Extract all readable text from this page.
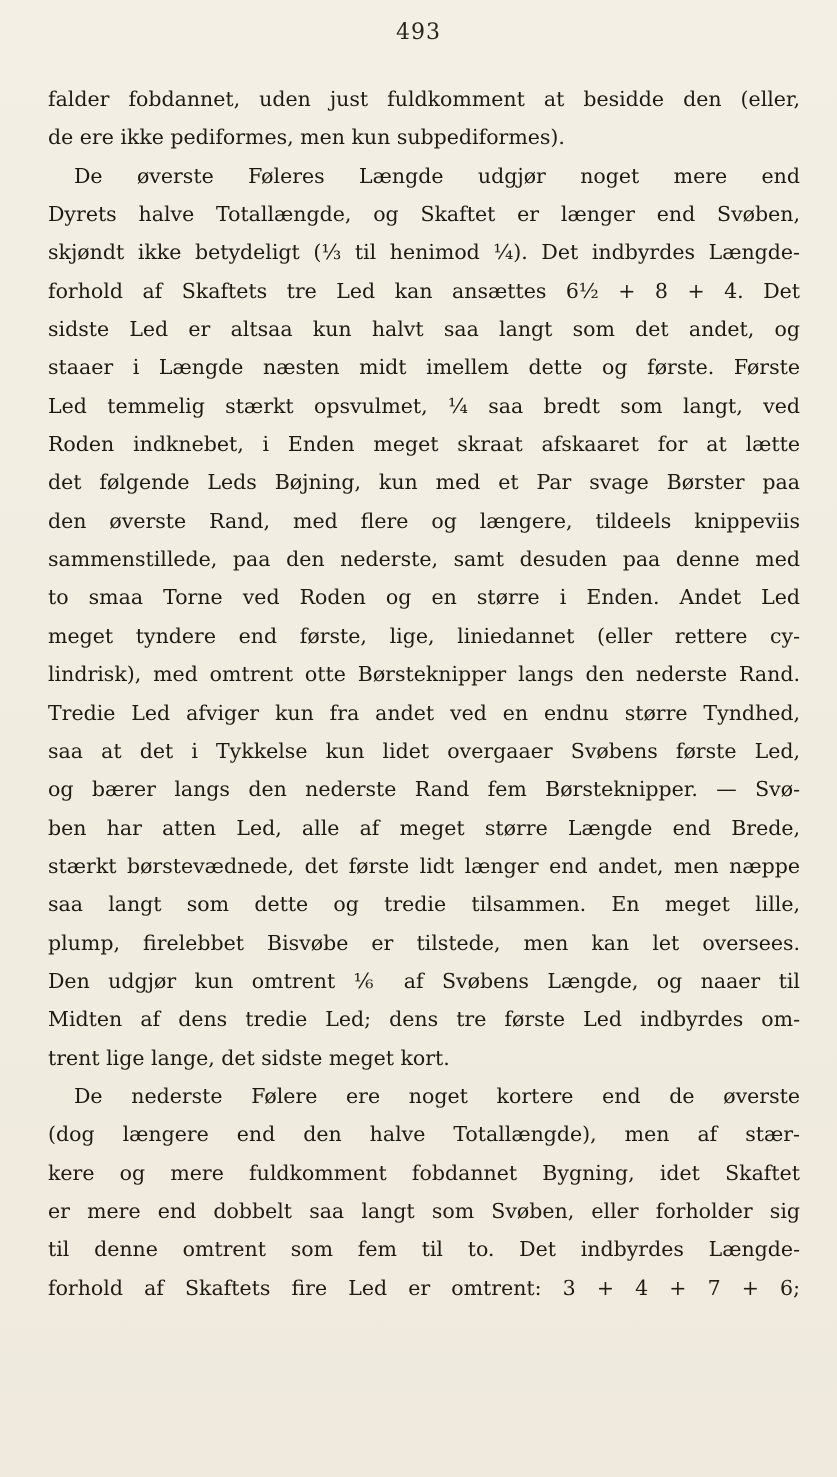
493
falder fobdannet, uden just fuldkomment at besidde den (eller,
de ere ikke pediformes, men kun subpediformes).
De øverste Føleres Længde udgjør noget mere end
Dyrets halve Totallængde, og Skaftet er længer end Svøben,
skjøndt ikke betydeligt (⅓ til henimod ¼). Det indbyrdes Længde-
forhold af Skaftets tre Led kan ansættes 6½ + 8 + 4. Det
sidste Led er altsaa kun halvt saa langt som det andet, og
staaer i Længde næsten midt imellem dette og første. Første
Led temmelig stærkt opsvulmet, ¼ saa bredt som langt, ved
Roden indknebet, i Enden meget skraat afskaaret for at lætte
det følgende Leds Bøjning, kun med et Par svage Børster paa
den øverste Rand, med flere og længere, tildeels knippeviis
sammenstillede, paa den nederste, samt desuden paa denne med
to smaa Torne ved Roden og en større i Enden. Andet Led
meget tyndere end første, lige, liniedannet (eller rettere cy-
lindrisk), med omtrent otte Børsteknipper langs den nederste Rand.
Tredie Led afviger kun fra andet ved en endnu større Tyndhed,
saa at det i Tykkelse kun lidet overgaaer Svøbens første Led,
og bærer langs den nederste Rand fem Børsteknipper. — Svø-
ben har atten Led, alle af meget større Længde end Brede,
stærkt børstevædnede, det første lidt længer end andet, men næppe
saa langt som dette og tredie tilsammen. En meget lille,
plump, firelebbet Bisvøbe er tilstede, men kan let oversees.
Den udgjør kun omtrent ⅙ af Svøbens Længde, og naaer til
Midten af dens tredie Led; dens tre første Led indbyrdes om-
trent lige lange, det sidste meget kort.
De nederste Følere ere noget kortere end de øverste
(dog længere end den halve Totallængde), men af stær-
kere og mere fuldkomment fobdannet Bygning, idet Skaftet
er mere end dobbelt saa langt som Svøben, eller forholder sig
til denne omtrent som fem til to. Det indbyrdes Længde-
forhold af Skaftets fire Led er omtrent: 3 + 4 + 7 + 6;
